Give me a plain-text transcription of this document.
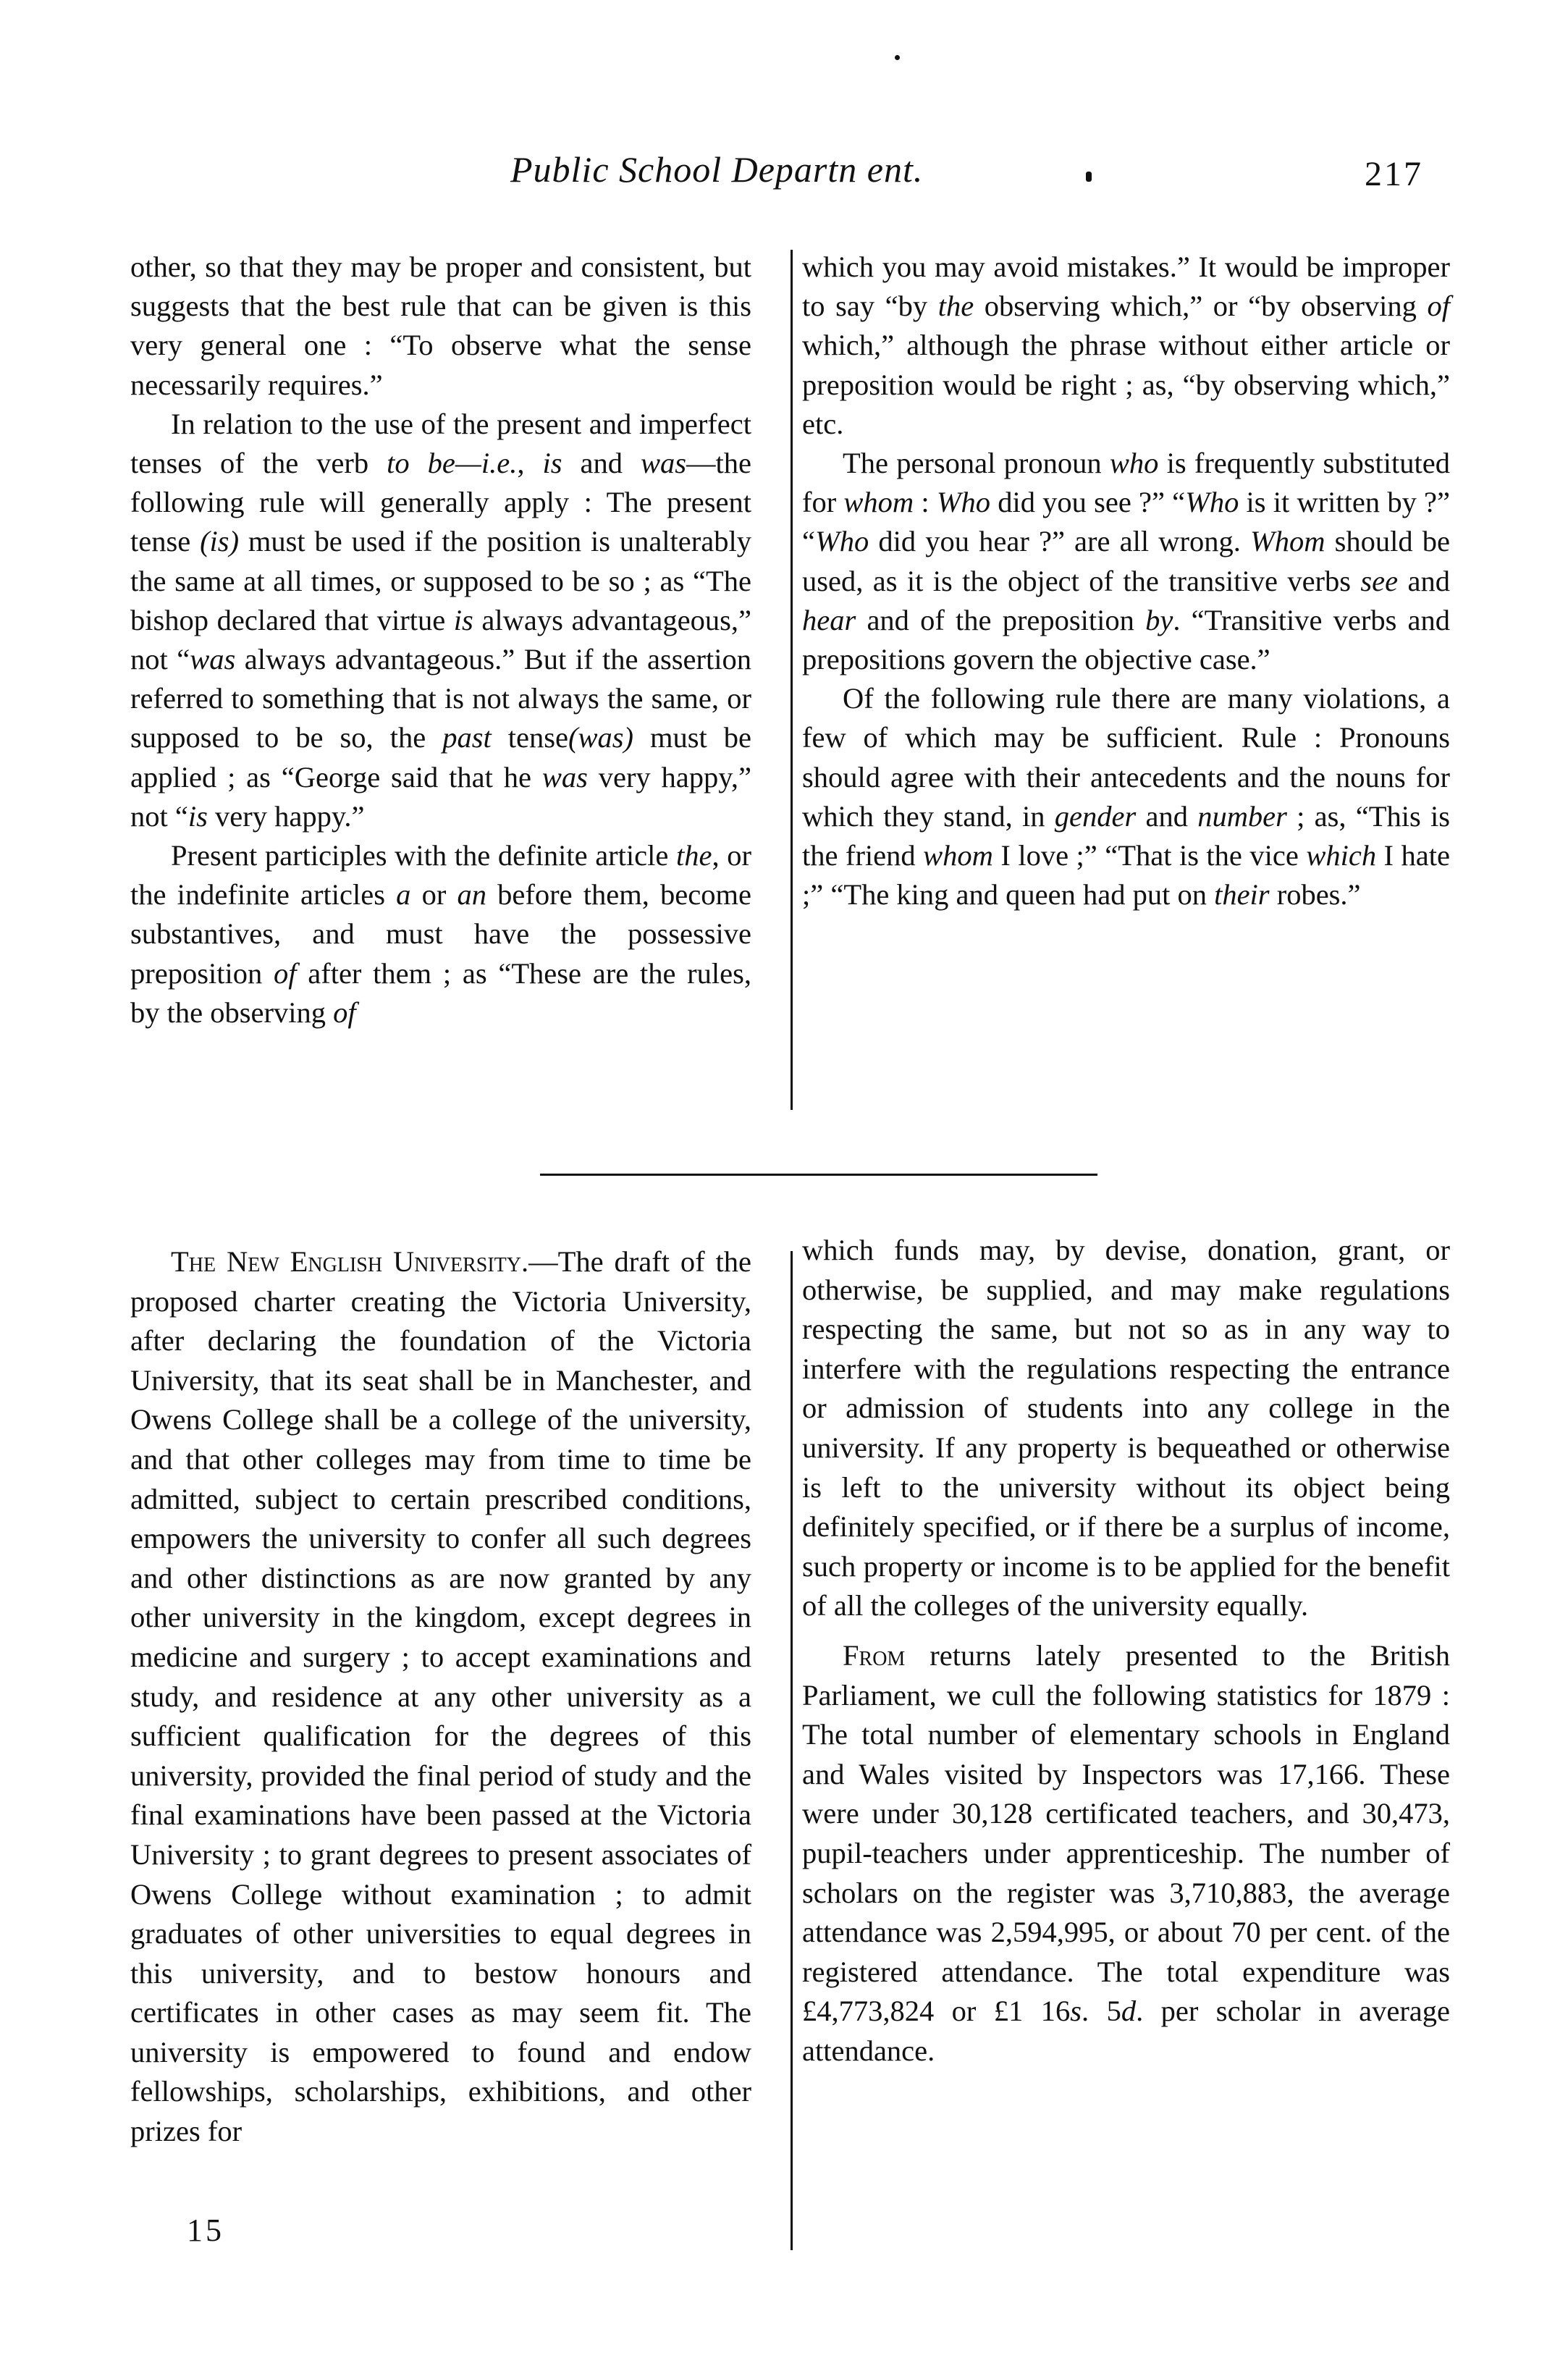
Public School Departn ent.	217

other, so that they may be proper and consistent, but suggests that the best rule that can be given is this very general one : “To observe what the sense necessarily requires.”

In relation to the use of the present and imperfect tenses of the verb to be—i.e., is and was—the following rule will generally apply : The present tense (is) must be used if the position is unalterably the same at all times, or supposed to be so ; as “The bishop declared that virtue is always advantageous,” not “was always advantageous.” But if the assertion referred to something that is not always the same, or supposed to be so, the past tense(was) must be applied ; as “George said that he was very happy,” not “is very happy.”

Present participles with the definite article the, or the indefinite articles a or an before them, become substantives, and must have the possessive preposition of after them ; as “These are the rules, by the observing of

which you may avoid mistakes.” It would be improper to say “by the observing which,” or “by observing of which,” although the phrase without either article or preposition would be right ; as, “by observing which,” etc.

The personal pronoun who is frequently substituted for whom : Who did you see ?” “Who is it written by ?” “Who did you hear ?” are all wrong. Whom should be used, as it is the object of the transitive verbs see and hear and of the preposition by. “Transitive verbs and prepositions govern the objective case.”

Of the following rule there are many violations, a few of which may be sufficient. Rule : Pronouns should agree with their antecedents and the nouns for which they stand, in gender and number ; as, “This is the friend whom I love ;” “That is the vice which I hate ;” “The king and queen had put on their robes.”

The New English University.—The draft of the proposed charter creating the Victoria University, after declaring the foundation of the Victoria University, that its seat shall be in Manchester, and Owens College shall be a college of the university, and that other colleges may from time to time be admitted, subject to certain prescribed conditions, empowers the university to confer all such degrees and other distinctions as are now granted by any other university in the kingdom, except degrees in medicine and surgery ; to accept examinations and study, and residence at any other university as a sufficient qualification for the degrees of this university, provided the final period of study and the final examinations have been passed at the Victoria University ; to grant degrees to present associates of Owens College without examination ; to admit graduates of other universities to equal degrees in this university, and to bestow honours and certificates in other cases as may seem fit. The university is empowered to found and endow fellowships, scholarships, exhibitions, and other prizes for

which funds may, by devise, donation, grant, or otherwise, be supplied, and may make regulations respecting the same, but not so as in any way to interfere with the regulations respecting the entrance or admission of students into any college in the university. If any property is bequeathed or otherwise is left to the university without its object being definitely specified, or if there be a surplus of income, such property or income is to be applied for the benefit of all the colleges of the university equally.

From returns lately presented to the British Parliament, we cull the following statistics for 1879 : The total number of elementary schools in England and Wales visited by Inspectors was 17,166. These were under 30,128 certificated teachers, and 30,473, pupil-teachers under apprenticeship. The number of scholars on the register was 3,710,883, the average attendance was 2,594,995, or about 70 per cent. of the registered attendance. The total expenditure was £4,773,824 or £1 16s. 5d. per scholar in average attendance.

15
